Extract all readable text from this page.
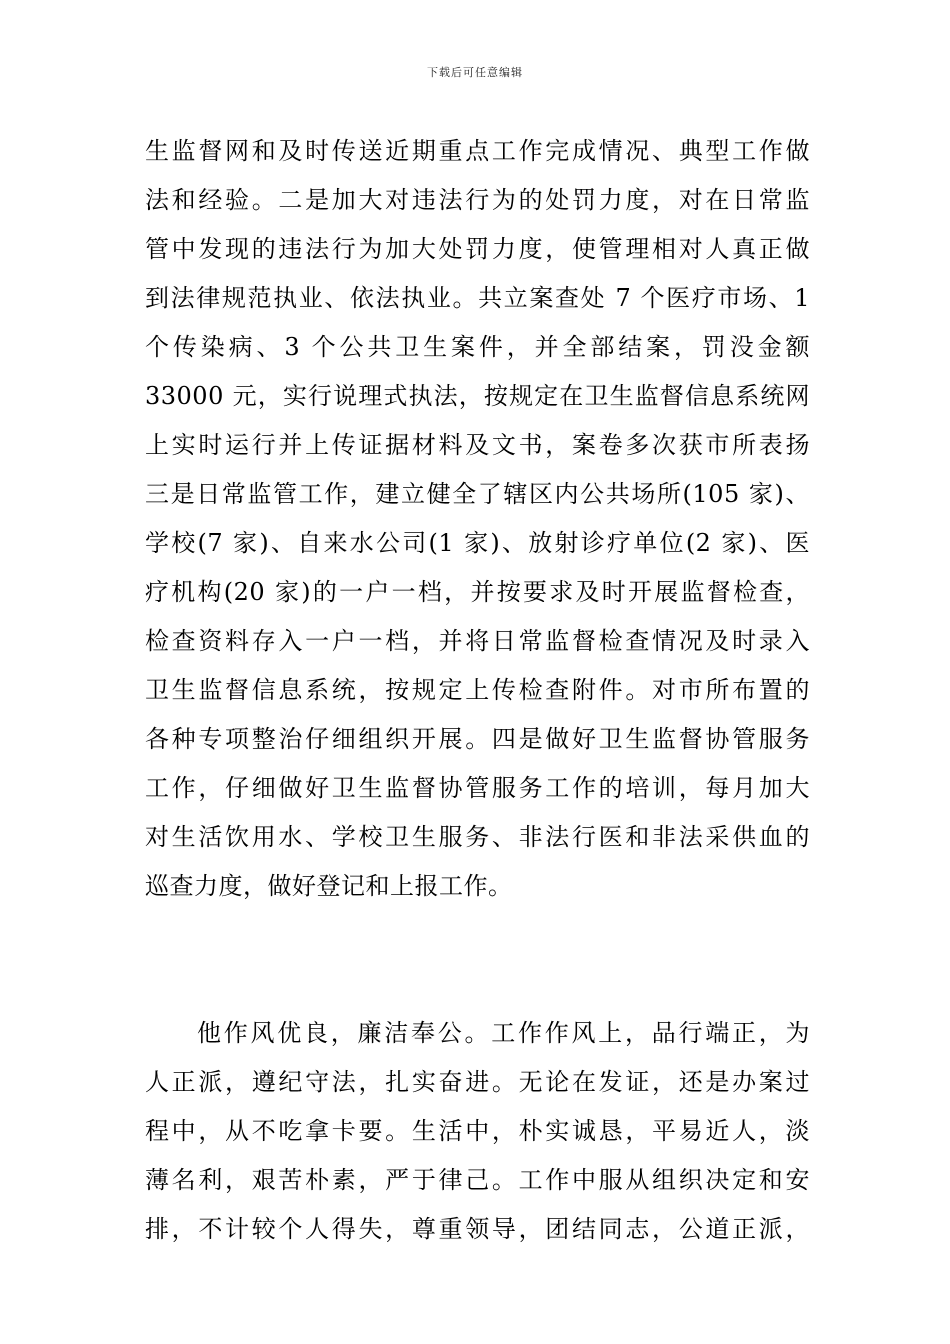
下载后可任意编辑
生监督网和及时传送近期重点工作完成情况、典型工作做
法和经验。二是加大对违法行为的处罚力度，对在日常监
管中发现的违法行为加大处罚力度，使管理相对人真正做
到法律规范执业、依法执业。共立案查处 7 个医疗市场、1
个传染病、3 个公共卫生案件，并全部结案，罚没金额
33000 元，实行说理式执法，按规定在卫生监督信息系统网
上实时运行并上传证据材料及文书，案卷多次获市所表扬
三是日常监管工作，建立健全了辖区内公共场所(105 家)、
学校(7 家)、自来水公司(1 家)、放射诊疗单位(2 家)、医
疗机构(20 家)的一户一档，并按要求及时开展监督检查，
检查资料存入一户一档，并将日常监督检查情况及时录入
卫生监督信息系统，按规定上传检查附件。对市所布置的
各种专项整治仔细组织开展。四是做好卫生监督协管服务
工作，仔细做好卫生监督协管服务工作的培训，每月加大
对生活饮用水、学校卫生服务、非法行医和非法采供血的
巡查力度，做好登记和上报工作。
他作风优良，廉洁奉公。工作作风上，品行端正，为
人正派，遵纪守法，扎实奋进。无论在发证，还是办案过
程中，从不吃拿卡要。生活中，朴实诚恳，平易近人，淡
薄名利，艰苦朴素，严于律己。工作中服从组织决定和安
排，不计较个人得失，尊重领导，团结同志，公道正派，
